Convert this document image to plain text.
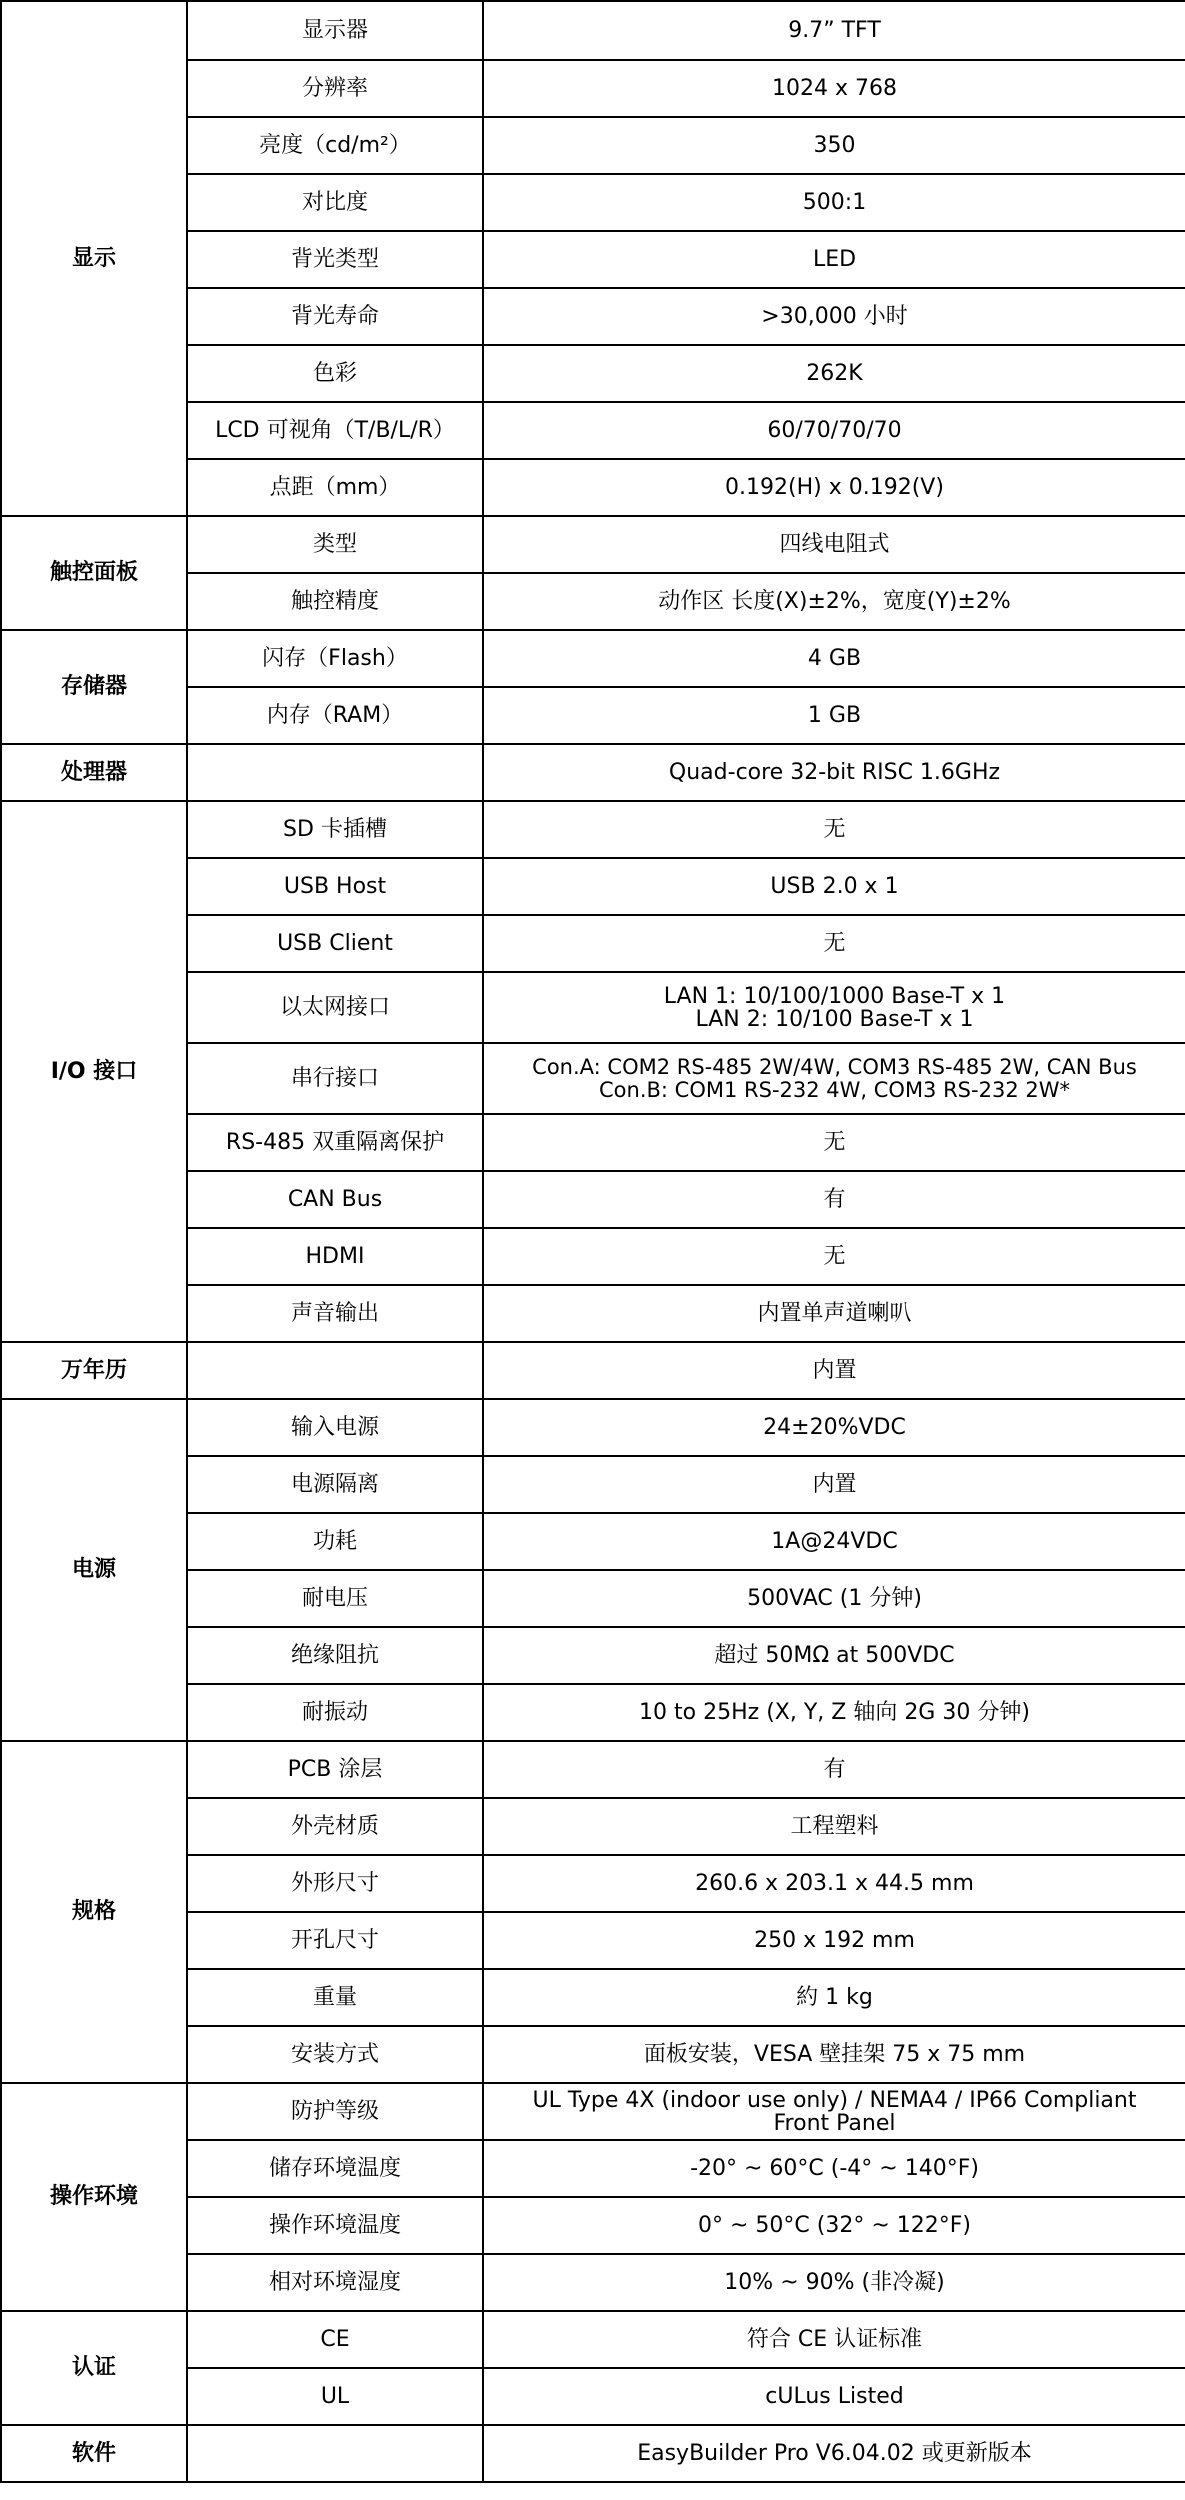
显示	显示器	9.7” TFT
	分辨率	1024 x 768
	亮度（cd/m²）	350
	对比度	500:1
	背光类型	LED
	背光寿命	>30,000 小时
	色彩	262K
	LCD 可视角（T/B/L/R）	60/70/70/70
	点距（mm）	0.192(H) x 0.192(V)
触控面板	类型	四线电阻式
	触控精度	动作区 长度(X)±2%，宽度(Y)±2%
存储器	闪存（Flash）	4 GB
	内存（RAM）	1 GB
处理器		Quad-core 32-bit RISC 1.6GHz
I/O 接口	SD 卡插槽	无
	USB Host	USB 2.0 x 1
	USB Client	无
	以太网接口	LAN 1: 10/100/1000 Base-T x 1
LAN 2: 10/100 Base-T x 1

	串行接口	Con.A: COM2 RS-485 2W/4W, COM3 RS-485 2W, CAN Bus
Con.B: COM1 RS-232 4W, COM3 RS-232 2W*

	RS-485 双重隔离保护	无
	CAN Bus	有
	HDMI	无
	声音输出	内置单声道喇叭
万年历		内置
电源	输入电源	24±20%VDC
	电源隔离	内置
	功耗	1A@24VDC
	耐电压	500VAC (1 分钟)
	绝缘阻抗	超过 50MΩ at 500VDC
	耐振动	10 to 25Hz (X, Y, Z 轴向 2G 30 分钟)
规格	PCB 涂层	有
	外壳材质	工程塑料
	外形尺寸	260.6 x 203.1 x 44.5 mm
	开孔尺寸	250 x 192 mm
	重量	約 1 kg
	安装方式	面板安装，VESA 壁挂架 75 x 75 mm
操作环境	防护等级	UL Type 4X (indoor use only) / NEMA4 / IP66 Compliant
Front Panel

	储存环境温度	-20° ~ 60°C (-4° ~ 140°F)
	操作环境温度	0° ~ 50°C (32° ~ 122°F)
	相对环境湿度	10% ~ 90% (非冷凝)
认证	CE	符合 CE 认证标准
	UL	cULus Listed
软件		EasyBuilder Pro V6.04.02 或更新版本
